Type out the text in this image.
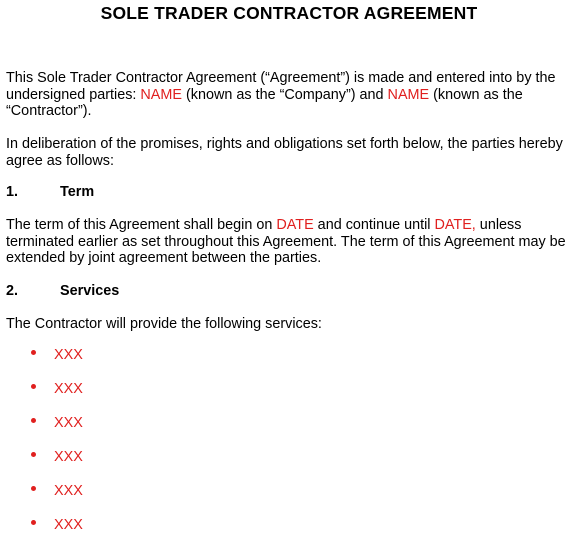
SOLE TRADER CONTRACTOR AGREEMENT
This Sole Trader Contractor Agreement (“Agreement”) is made and entered into by the undersigned parties: NAME (known as the “Company”) and NAME (known as the “Contractor”).
In deliberation of the promises, rights and obligations set forth below, the parties hereby agree as follows:
1.	Term
The term of this Agreement shall begin on DATE and continue until DATE, unless terminated earlier as set throughout this Agreement. The term of this Agreement may be extended by joint agreement between the parties.
2.	Services
The Contractor will provide the following services:
XXX
XXX
XXX
XXX
XXX
XXX
